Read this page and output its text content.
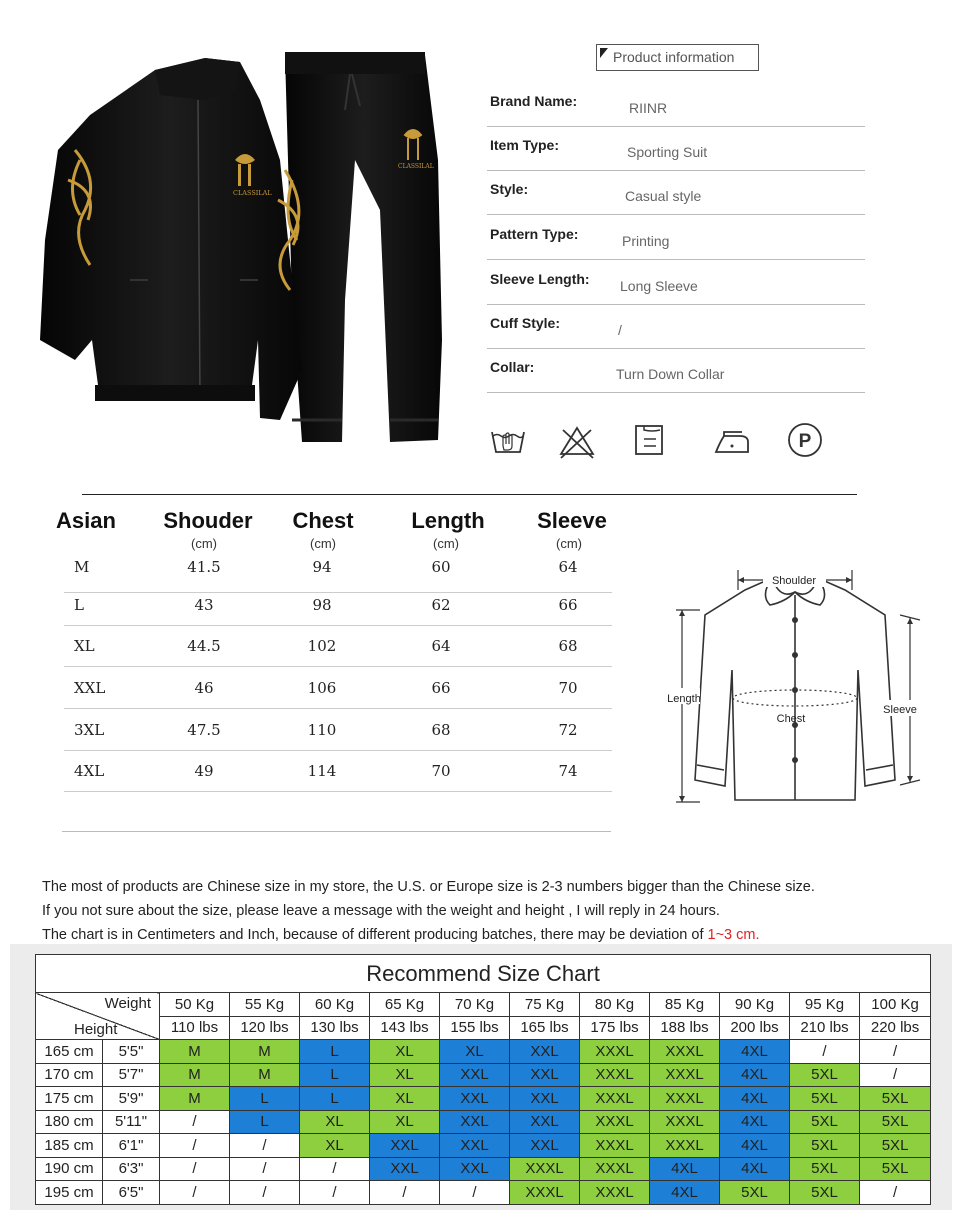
CLASSILAL
CLASSILAL
Product information
Brand Name:	RIINR
Item Type:	Sporting Suit
Style:	Casual style
Pattern Type:	Printing
Sleeve Length: Long Sleeve
Cuff Style:	/
Collar:	Turn Down Collar
P
Asian	Shouder	Chest	Length	Sleeve
(cm)	(cm)	(cm)	(cm)
M	41.5	94	60	64
L	43	98	62	66
XL	44.5	102	64	68
XXL	46	106	66	70
3XL	47.5	110	68	72
4XL	49	114	70	74
Shoulder
Length
Chest
Sleeve
The most of products are Chinese size in my store, the U.S. or Europe size is 2-3 numbers bigger than the Chinese size.
If you not sure about the size, please leave a message with the weight and height , I will reply in 24 hours.
The chart is in Centimeters and Inch, because of different producing batches, there may be deviation of 1~3 cm.
Recommend Size Chart												

Weight
Height		50 Kg	55 Kg	60 Kg	65 Kg	70 Kg	75 Kg	80 Kg	85 Kg	90 Kg	95 Kg	100 Kg
		110 lbs	120 lbs	130 lbs	143 lbs	155 lbs	165 lbs	175 lbs	188 lbs	200 lbs	210 lbs	220 lbs
165 cm	5'5"	M	M	L	XL	XL	XXL	XXXL	XXXL	4XL	/	/
170 cm	5'7"	M	M	L	XL	XXL	XXL	XXXL	XXXL	4XL	5XL	/
175 cm	5'9"	M	L	L	XL	XXL	XXL	XXXL	XXXL	4XL	5XL	5XL
180 cm	5'11"	/	L	XL	XL	XXL	XXL	XXXL	XXXL	4XL	5XL	5XL
185 cm	6'1"	/	/	XL	XXL	XXL	XXL	XXXL	XXXL	4XL	5XL	5XL
190 cm	6'3"	/	/	/	XXL	XXL	XXXL	XXXL	4XL	4XL	5XL	5XL
195 cm	6'5"	/	/	/	/	/	XXXL	XXXL	4XL	5XL	5XL	/
